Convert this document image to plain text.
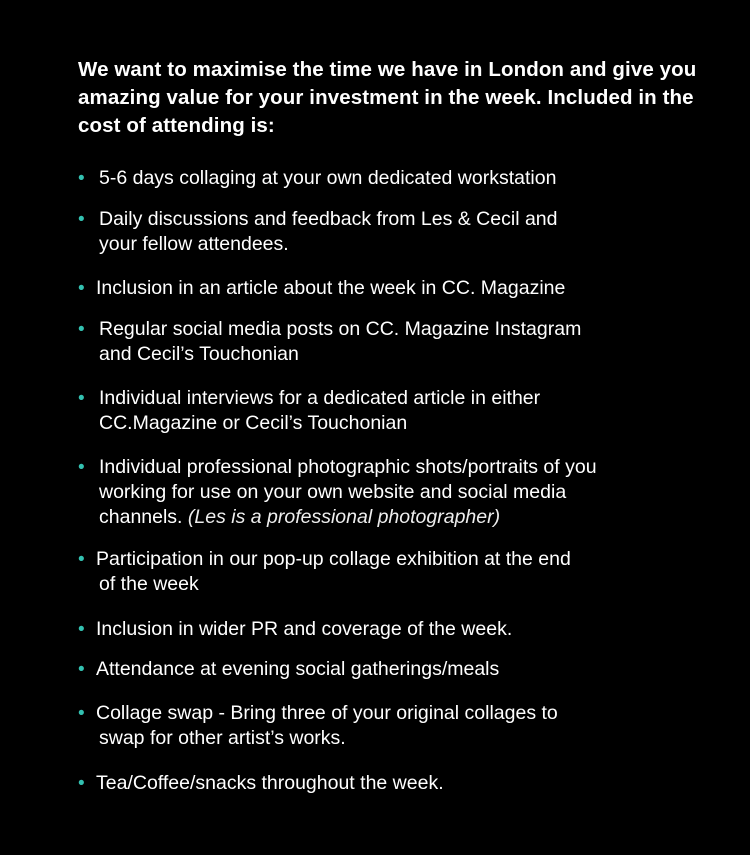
We want to maximise the time we have in London and give you amazing value for your investment in the week. Included in the cost of attending is:

• 5-6 days collaging at your own dedicated workstation
• Daily discussions and feedback from Les & Cecil and
your fellow attendees.
• Inclusion in an article about the week in CC. Magazine
• Regular social media posts on CC. Magazine Instagram
and Cecil’s Touchonian
• Individual interviews for a dedicated article in either
CC.Magazine or Cecil’s Touchonian
• Individual professional photographic shots/portraits of you
working for use on your own website and social media
channels. (Les is a professional photographer)
• Participation in our pop-up collage exhibition at the end
of the week
• Inclusion in wider PR and coverage of the week.
• Attendance at evening social gatherings/meals
• Collage swap - Bring three of your original collages to
swap for other artist’s works.
• Tea/Coffee/snacks throughout the week.
